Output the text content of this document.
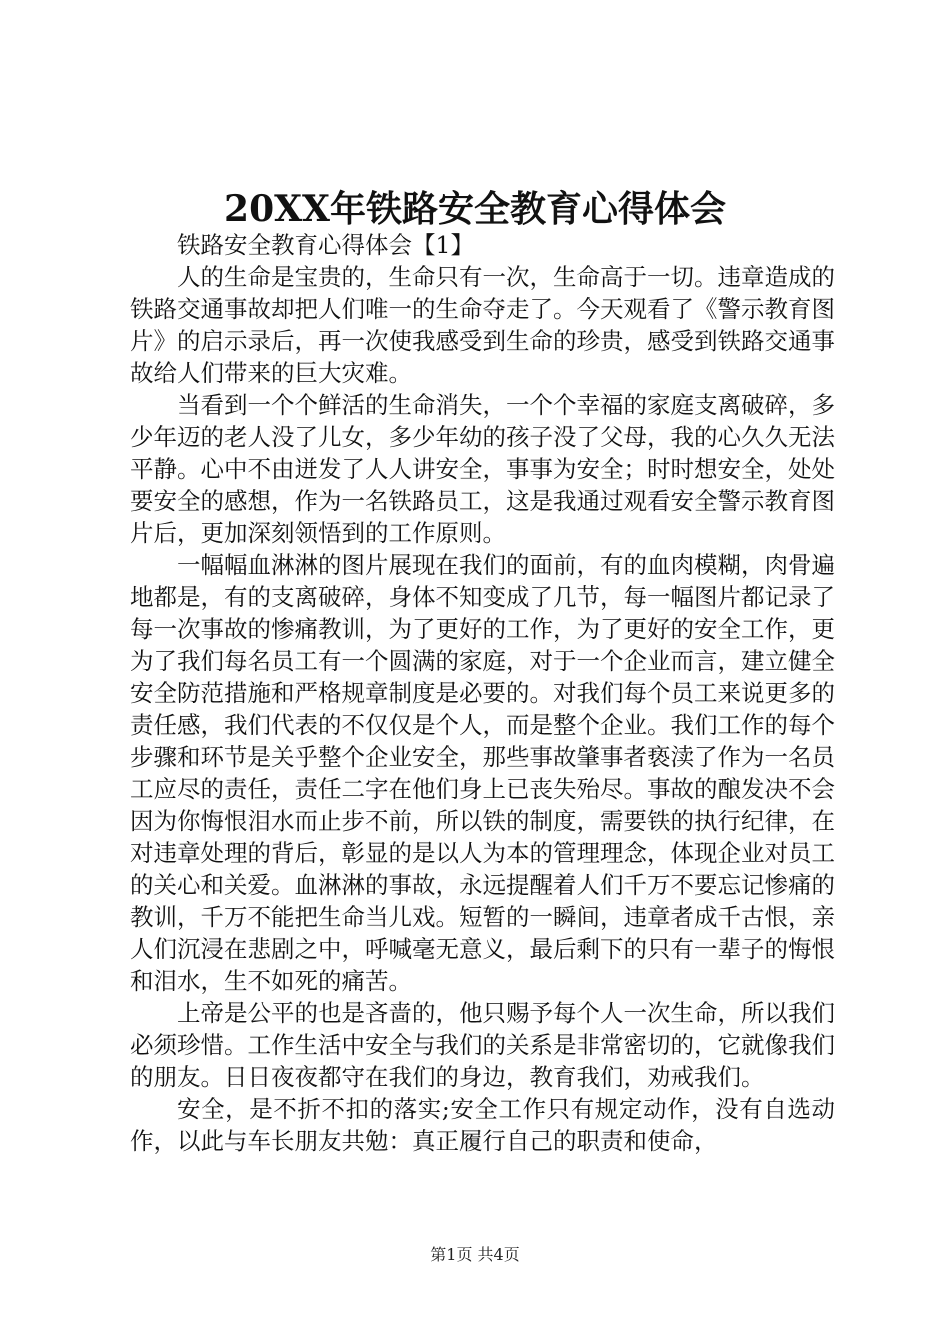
20XX年铁路安全教育心得体会

铁路安全教育心得体会【1】

人的生命是宝贵的，生命只有一次，生命高于一切。违章造成的铁路交通事故却把人们唯一的生命夺走了。今天观看了《警示教育图片》的启示录后，再一次使我感受到生命的珍贵，感受到铁路交通事故给人们带来的巨大灾难。

当看到一个个鲜活的生命消失，一个个幸福的家庭支离破碎，多少年迈的老人没了儿女，多少年幼的孩子没了父母，我的心久久无法平静。心中不由迸发了人人讲安全，事事为安全；时时想安全，处处要安全的感想，作为一名铁路员工，这是我通过观看安全警示教育图片后，更加深刻领悟到的工作原则。

一幅幅血淋淋的图片展现在我们的面前，有的血肉模糊，肉骨遍地都是，有的支离破碎，身体不知变成了几节，每一幅图片都记录了每一次事故的惨痛教训，为了更好的工作，为了更好的安全工作，更为了我们每名员工有一个圆满的家庭，对于一个企业而言，建立健全安全防范措施和严格规章制度是必要的。对我们每个员工来说更多的责任感，我们代表的不仅仅是个人，而是整个企业。我们工作的每个步骤和环节是关乎整个企业安全，那些事故肇事者亵渎了作为一名员工应尽的责任，责任二字在他们身上已丧失殆尽。事故的酿发决不会因为你悔恨泪水而止步不前，所以铁的制度，需要铁的执行纪律，在对违章处理的背后，彰显的是以人为本的管理理念，体现企业对员工的关心和关爱。血淋淋的事故，永远提醒着人们千万不要忘记惨痛的教训，千万不能把生命当儿戏。短暂的一瞬间，违章者成千古恨，亲人们沉浸在悲剧之中，呼喊毫无意义，最后剩下的只有一辈子的悔恨和泪水，生不如死的痛苦。

上帝是公平的也是吝啬的，他只赐予每个人一次生命，所以我们必须珍惜。工作生活中安全与我们的关系是非常密切的，它就像我们的朋友。日日夜夜都守在我们的身边，教育我们，劝戒我们。

安全，是不折不扣的落实;安全工作只有规定动作，没有自选动作，以此与车长朋友共勉：真正履行自己的职责和使命，

第1页 共4页
